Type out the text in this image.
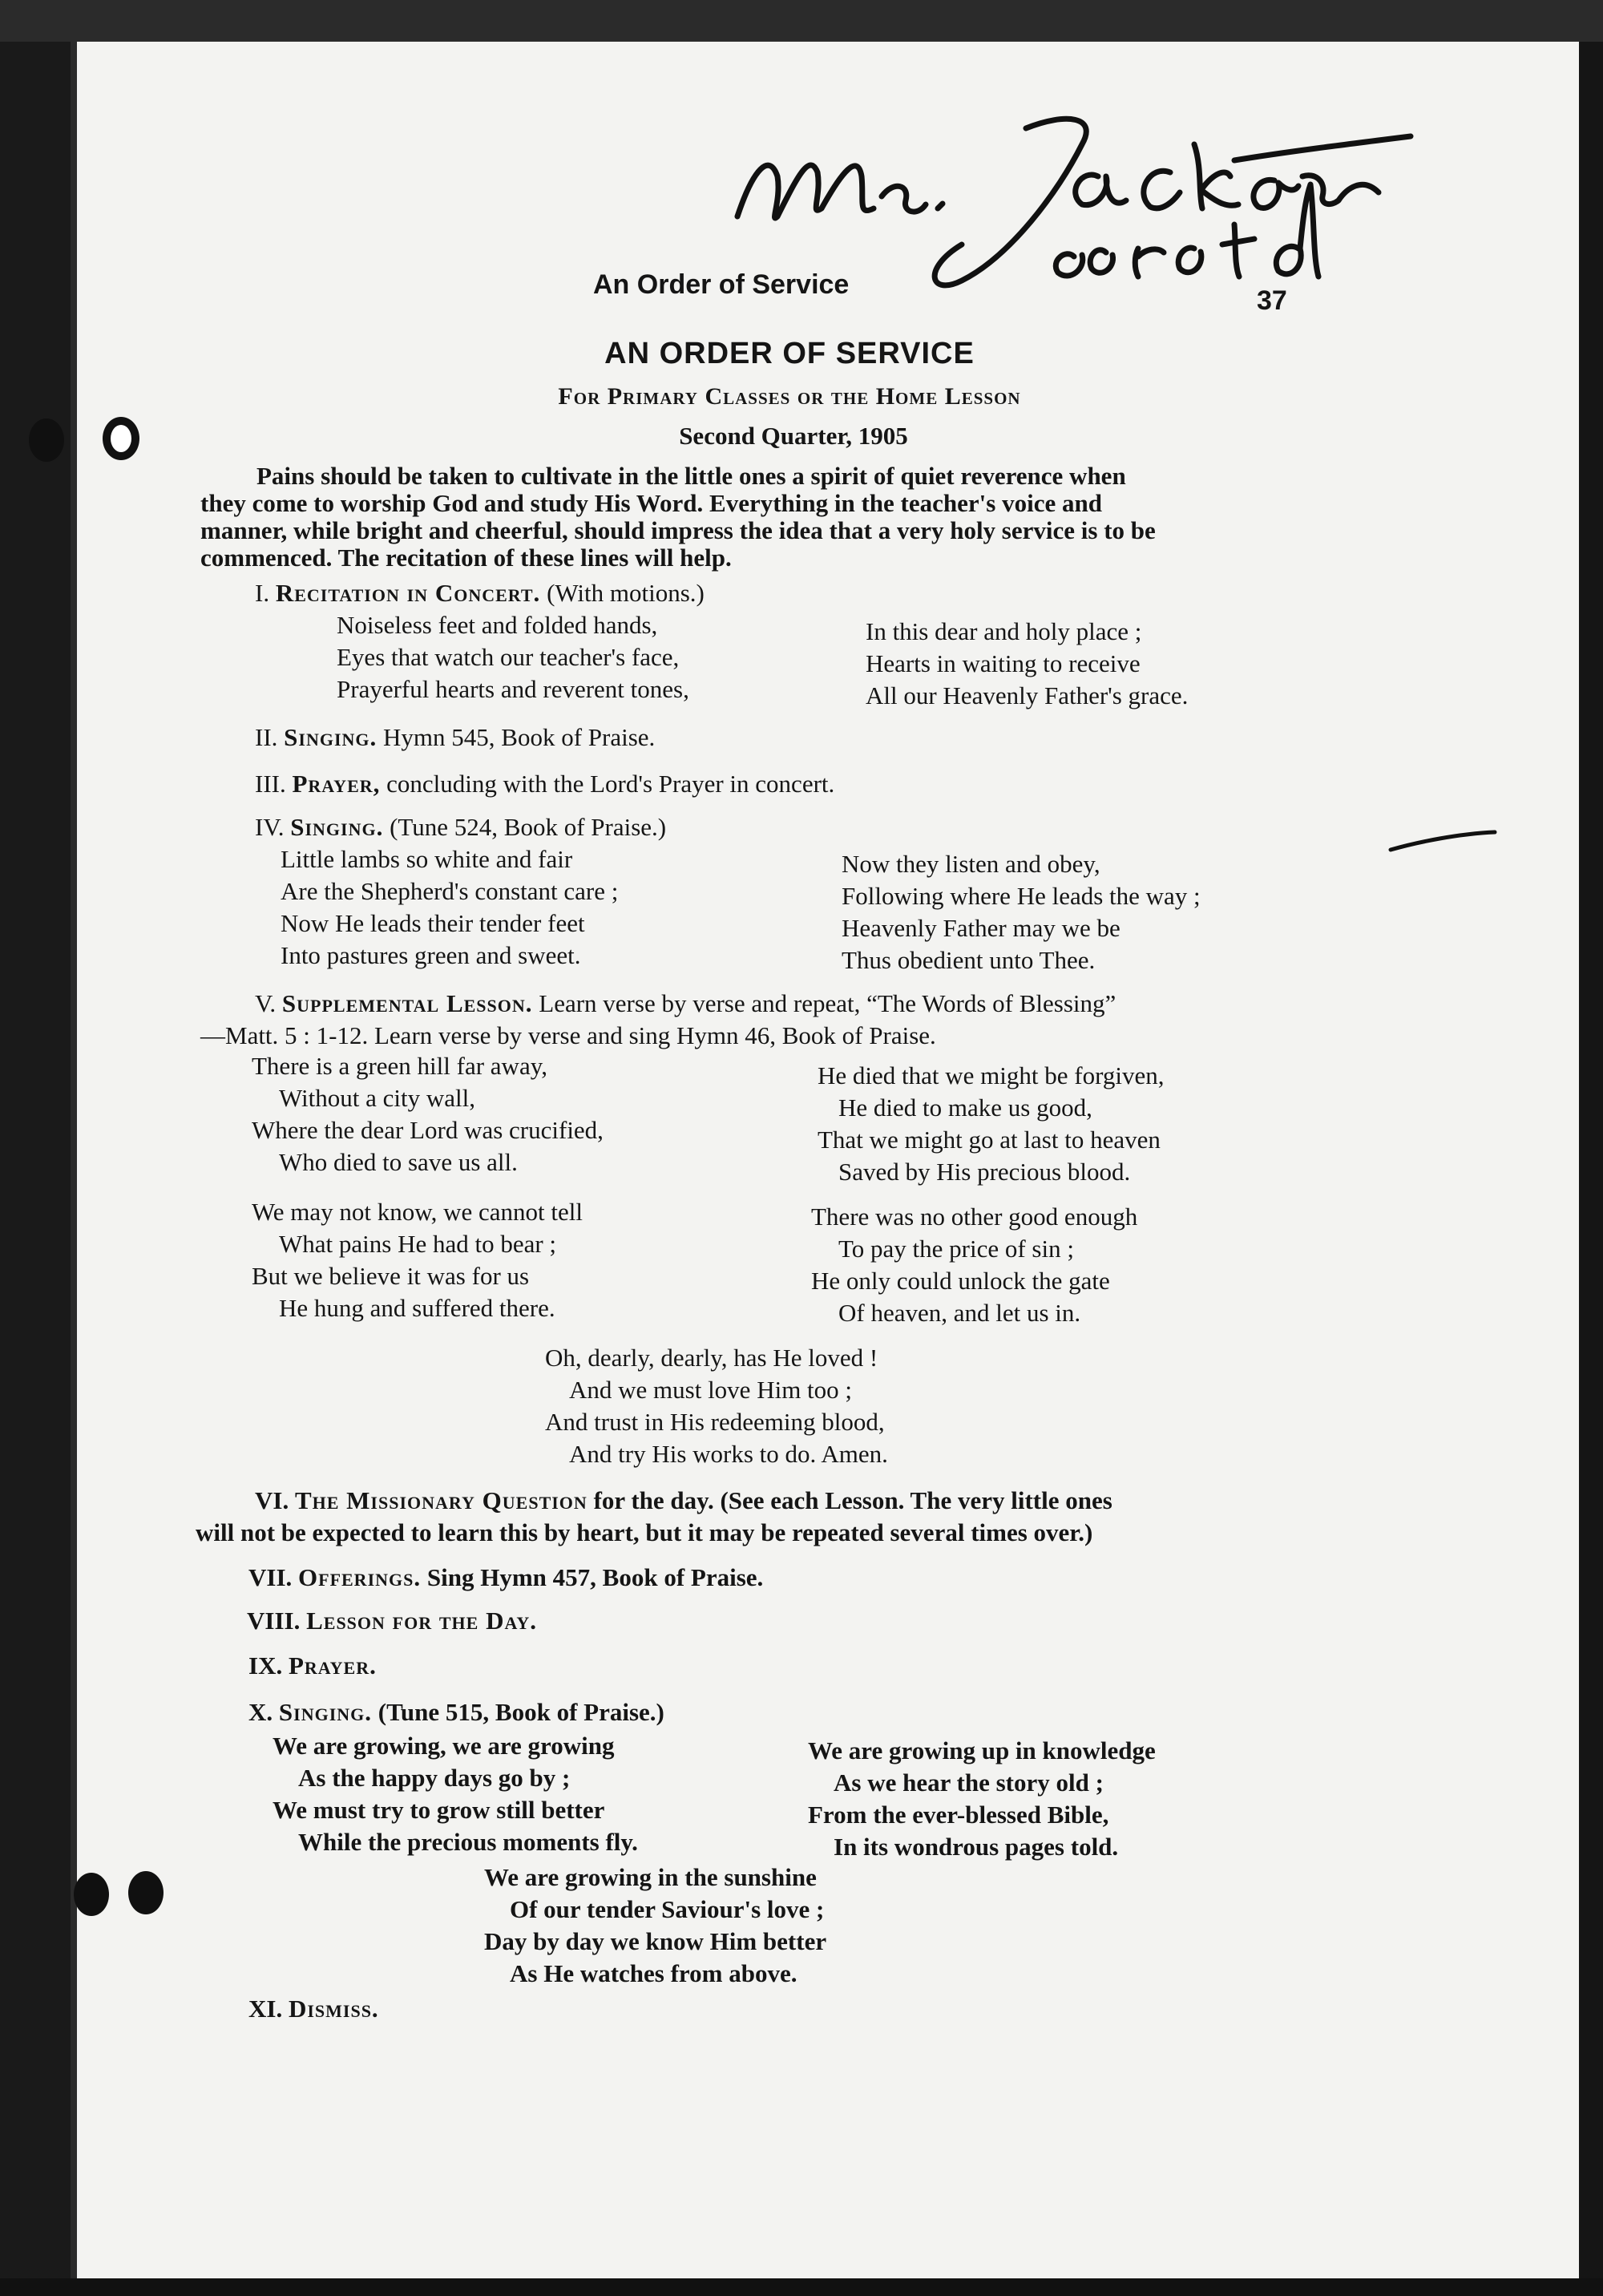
An Order of Service
37
AN ORDER OF SERVICE
For Primary Classes or the Home Lesson
Second Quarter, 1905
Pains should be taken to cultivate in the little ones a spirit of quiet reverence when
they come to worship God and study His Word. Everything in the teacher's voice and
manner, while bright and cheerful, should impress the idea that a very holy service is to be
commenced. The recitation of these lines will help.
I. Recitation in Concert. (With motions.)
Noiseless feet and folded hands,
Eyes that watch our teacher's face,
Prayerful hearts and reverent tones,
In this dear and holy place ;
Hearts in waiting to receive
All our Heavenly Father's grace.
II. Singing. Hymn 545, Book of Praise.
III. Prayer, concluding with the Lord's Prayer in concert.
IV. Singing. (Tune 524, Book of Praise.)
Little lambs so white and fair
Are the Shepherd's constant care ;
Now He leads their tender feet
Into pastures green and sweet.
Now they listen and obey,
Following where He leads the way ;
Heavenly Father may we be
Thus obedient unto Thee.
V. Supplemental Lesson. Learn verse by verse and repeat, “The Words of Blessing”
—Matt. 5 : 1-12. Learn verse by verse and sing Hymn 46, Book of Praise.
There is a green hill far away,
Without a city wall,
Where the dear Lord was crucified,
Who died to save us all.
He died that we might be forgiven,
He died to make us good,
That we might go at last to heaven
Saved by His precious blood.
We may not know, we cannot tell
What pains He had to bear ;
But we believe it was for us
He hung and suffered there.
There was no other good enough
To pay the price of sin ;
He only could unlock the gate
Of heaven, and let us in.
Oh, dearly, dearly, has He loved !
And we must love Him too ;
And trust in His redeeming blood,
And try His works to do. Amen.
VI. The Missionary Question for the day. (See each Lesson. The very little ones
will not be expected to learn this by heart, but it may be repeated several times over.)
VII. Offerings. Sing Hymn 457, Book of Praise.
VIII. Lesson for the Day.
IX. Prayer.
X. Singing. (Tune 515, Book of Praise.)
We are growing, we are growing
As the happy days go by ;
We must try to grow still better
While the precious moments fly.
We are growing up in knowledge
As we hear the story old ;
From the ever-blessed Bible,
In its wondrous pages told.
We are growing in the sunshine
Of our tender Saviour's love ;
Day by day we know Him better
As He watches from above.
XI. Dismiss.
